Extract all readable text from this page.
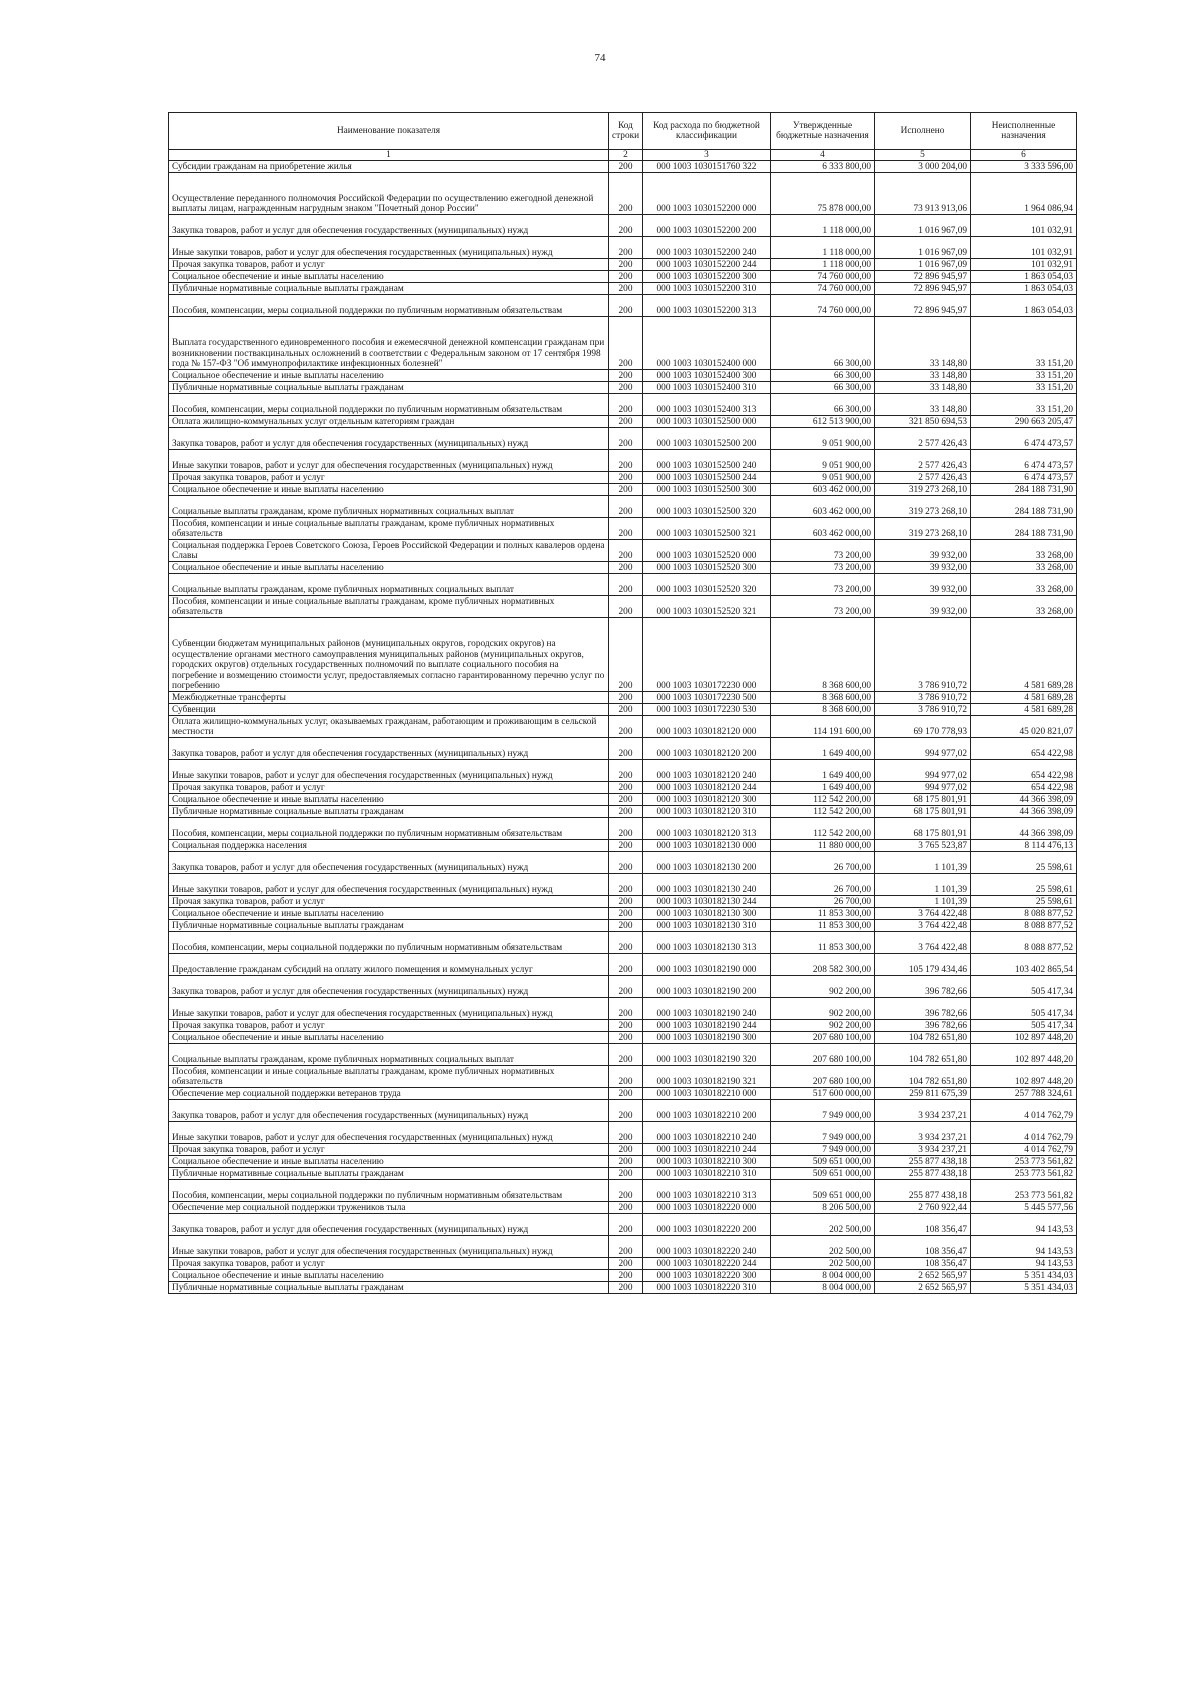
74
Наименование показателя	Код строки	Код расхода по бюджетной классификации	Утвержденные бюджетные назначения	Исполнено	Неисполненные назначения
1	2	3	4	5	6
Субсидии гражданам на приобретение жилья	200	000 1003 1030151760 322	6 333 800,00	3 000 204,00	3 333 596,00
Осуществление переданного полномочия Российской Федерации по осуществлению ежегодной денежной выплаты лицам, награжденным нагрудным знаком "Почетный донор России"	200	000 1003 1030152200 000	75 878 000,00	73 913 913,06	1 964 086,94
Закупка товаров, работ и услуг для обеспечения государственных (муниципальных) нужд	200	000 1003 1030152200 200	1 118 000,00	1 016 967,09	101 032,91
Иные закупки товаров, работ и услуг для обеспечения государственных (муниципальных) нужд	200	000 1003 1030152200 240	1 118 000,00	1 016 967,09	101 032,91
Прочая закупка товаров, работ и услуг	200	000 1003 1030152200 244	1 118 000,00	1 016 967,09	101 032,91
Социальное обеспечение и иные выплаты населению	200	000 1003 1030152200 300	74 760 000,00	72 896 945,97	1 863 054,03
Публичные нормативные социальные выплаты гражданам	200	000 1003 1030152200 310	74 760 000,00	72 896 945,97	1 863 054,03
Пособия, компенсации, меры социальной поддержки по публичным нормативным обязательствам	200	000 1003 1030152200 313	74 760 000,00	72 896 945,97	1 863 054,03
Выплата государственного единовременного пособия и ежемесячной денежной компенсации гражданам при возникновении поствакцинальных осложнений в соответствии с Федеральным законом от 17 сентября 1998 года № 157-ФЗ "Об иммунопрофилактике инфекционных болезней"	200	000 1003 1030152400 000	66 300,00	33 148,80	33 151,20
Социальное обеспечение и иные выплаты населению	200	000 1003 1030152400 300	66 300,00	33 148,80	33 151,20
Публичные нормативные социальные выплаты гражданам	200	000 1003 1030152400 310	66 300,00	33 148,80	33 151,20
Пособия, компенсации, меры социальной поддержки по публичным нормативным обязательствам	200	000 1003 1030152400 313	66 300,00	33 148,80	33 151,20
Оплата жилищно-коммунальных услуг отдельным категориям граждан	200	000 1003 1030152500 000	612 513 900,00	321 850 694,53	290 663 205,47
Закупка товаров, работ и услуг для обеспечения государственных (муниципальных) нужд	200	000 1003 1030152500 200	9 051 900,00	2 577 426,43	6 474 473,57
Иные закупки товаров, работ и услуг для обеспечения государственных (муниципальных) нужд	200	000 1003 1030152500 240	9 051 900,00	2 577 426,43	6 474 473,57
Прочая закупка товаров, работ и услуг	200	000 1003 1030152500 244	9 051 900,00	2 577 426,43	6 474 473,57
Социальное обеспечение и иные выплаты населению	200	000 1003 1030152500 300	603 462 000,00	319 273 268,10	284 188 731,90
Социальные выплаты гражданам, кроме публичных нормативных социальных выплат	200	000 1003 1030152500 320	603 462 000,00	319 273 268,10	284 188 731,90
Пособия, компенсации и иные социальные выплаты гражданам, кроме публичных нормативных обязательств	200	000 1003 1030152500 321	603 462 000,00	319 273 268,10	284 188 731,90
Социальная поддержка Героев Советского Союза, Героев Российской Федерации и полных кавалеров ордена Славы	200	000 1003 1030152520 000	73 200,00	39 932,00	33 268,00
Социальное обеспечение и иные выплаты населению	200	000 1003 1030152520 300	73 200,00	39 932,00	33 268,00
Социальные выплаты гражданам, кроме публичных нормативных социальных выплат	200	000 1003 1030152520 320	73 200,00	39 932,00	33 268,00
Пособия, компенсации и иные социальные выплаты гражданам, кроме публичных нормативных обязательств	200	000 1003 1030152520 321	73 200,00	39 932,00	33 268,00
Субвенции бюджетам муниципальных районов (муниципальных округов, городских округов) на осуществление органами местного самоуправления муниципальных районов (муниципальных округов, городских округов) отдельных государственных полномочий по выплате социального пособия на погребение и возмещению стоимости услуг, предоставляемых согласно гарантированному перечню услуг по погребению	200	000 1003 1030172230 000	8 368 600,00	3 786 910,72	4 581 689,28
Межбюджетные трансферты	200	000 1003 1030172230 500	8 368 600,00	3 786 910,72	4 581 689,28
Субвенции	200	000 1003 1030172230 530	8 368 600,00	3 786 910,72	4 581 689,28
Оплата жилищно-коммунальных услуг, оказываемых гражданам, работающим и проживающим в сельской местности	200	000 1003 1030182120 000	114 191 600,00	69 170 778,93	45 020 821,07
Закупка товаров, работ и услуг для обеспечения государственных (муниципальных) нужд	200	000 1003 1030182120 200	1 649 400,00	994 977,02	654 422,98
Иные закупки товаров, работ и услуг для обеспечения государственных (муниципальных) нужд	200	000 1003 1030182120 240	1 649 400,00	994 977,02	654 422,98
Прочая закупка товаров, работ и услуг	200	000 1003 1030182120 244	1 649 400,00	994 977,02	654 422,98
Социальное обеспечение и иные выплаты населению	200	000 1003 1030182120 300	112 542 200,00	68 175 801,91	44 366 398,09
Публичные нормативные социальные выплаты гражданам	200	000 1003 1030182120 310	112 542 200,00	68 175 801,91	44 366 398,09
Пособия, компенсации, меры социальной поддержки по публичным нормативным обязательствам	200	000 1003 1030182120 313	112 542 200,00	68 175 801,91	44 366 398,09
Социальная поддержка населения	200	000 1003 1030182130 000	11 880 000,00	3 765 523,87	8 114 476,13
Закупка товаров, работ и услуг для обеспечения государственных (муниципальных) нужд	200	000 1003 1030182130 200	26 700,00	1 101,39	25 598,61
Иные закупки товаров, работ и услуг для обеспечения государственных (муниципальных) нужд	200	000 1003 1030182130 240	26 700,00	1 101,39	25 598,61
Прочая закупка товаров, работ и услуг	200	000 1003 1030182130 244	26 700,00	1 101,39	25 598,61
Социальное обеспечение и иные выплаты населению	200	000 1003 1030182130 300	11 853 300,00	3 764 422,48	8 088 877,52
Публичные нормативные социальные выплаты гражданам	200	000 1003 1030182130 310	11 853 300,00	3 764 422,48	8 088 877,52
Пособия, компенсации, меры социальной поддержки по публичным нормативным обязательствам	200	000 1003 1030182130 313	11 853 300,00	3 764 422,48	8 088 877,52
Предоставление гражданам субсидий на оплату жилого помещения и коммунальных услуг	200	000 1003 1030182190 000	208 582 300,00	105 179 434,46	103 402 865,54
Закупка товаров, работ и услуг для обеспечения государственных (муниципальных) нужд	200	000 1003 1030182190 200	902 200,00	396 782,66	505 417,34
Иные закупки товаров, работ и услуг для обеспечения государственных (муниципальных) нужд	200	000 1003 1030182190 240	902 200,00	396 782,66	505 417,34
Прочая закупка товаров, работ и услуг	200	000 1003 1030182190 244	902 200,00	396 782,66	505 417,34
Социальное обеспечение и иные выплаты населению	200	000 1003 1030182190 300	207 680 100,00	104 782 651,80	102 897 448,20
Социальные выплаты гражданам, кроме публичных нормативных социальных выплат	200	000 1003 1030182190 320	207 680 100,00	104 782 651,80	102 897 448,20
Пособия, компенсации и иные социальные выплаты гражданам, кроме публичных нормативных обязательств	200	000 1003 1030182190 321	207 680 100,00	104 782 651,80	102 897 448,20
Обеспечение мер социальной поддержки ветеранов труда	200	000 1003 1030182210 000	517 600 000,00	259 811 675,39	257 788 324,61
Закупка товаров, работ и услуг для обеспечения государственных (муниципальных) нужд	200	000 1003 1030182210 200	7 949 000,00	3 934 237,21	4 014 762,79
Иные закупки товаров, работ и услуг для обеспечения государственных (муниципальных) нужд	200	000 1003 1030182210 240	7 949 000,00	3 934 237,21	4 014 762,79
Прочая закупка товаров, работ и услуг	200	000 1003 1030182210 244	7 949 000,00	3 934 237,21	4 014 762,79
Социальное обеспечение и иные выплаты населению	200	000 1003 1030182210 300	509 651 000,00	255 877 438,18	253 773 561,82
Публичные нормативные социальные выплаты гражданам	200	000 1003 1030182210 310	509 651 000,00	255 877 438,18	253 773 561,82
Пособия, компенсации, меры социальной поддержки по публичным нормативным обязательствам	200	000 1003 1030182210 313	509 651 000,00	255 877 438,18	253 773 561,82
Обеспечение мер социальной поддержки тружеников тыла	200	000 1003 1030182220 000	8 206 500,00	2 760 922,44	5 445 577,56
Закупка товаров, работ и услуг для обеспечения государственных (муниципальных) нужд	200	000 1003 1030182220 200	202 500,00	108 356,47	94 143,53
Иные закупки товаров, работ и услуг для обеспечения государственных (муниципальных) нужд	200	000 1003 1030182220 240	202 500,00	108 356,47	94 143,53
Прочая закупка товаров, работ и услуг	200	000 1003 1030182220 244	202 500,00	108 356,47	94 143,53
Социальное обеспечение и иные выплаты населению	200	000 1003 1030182220 300	8 004 000,00	2 652 565,97	5 351 434,03
Публичные нормативные социальные выплаты гражданам	200	000 1003 1030182220 310	8 004 000,00	2 652 565,97	5 351 434,03
